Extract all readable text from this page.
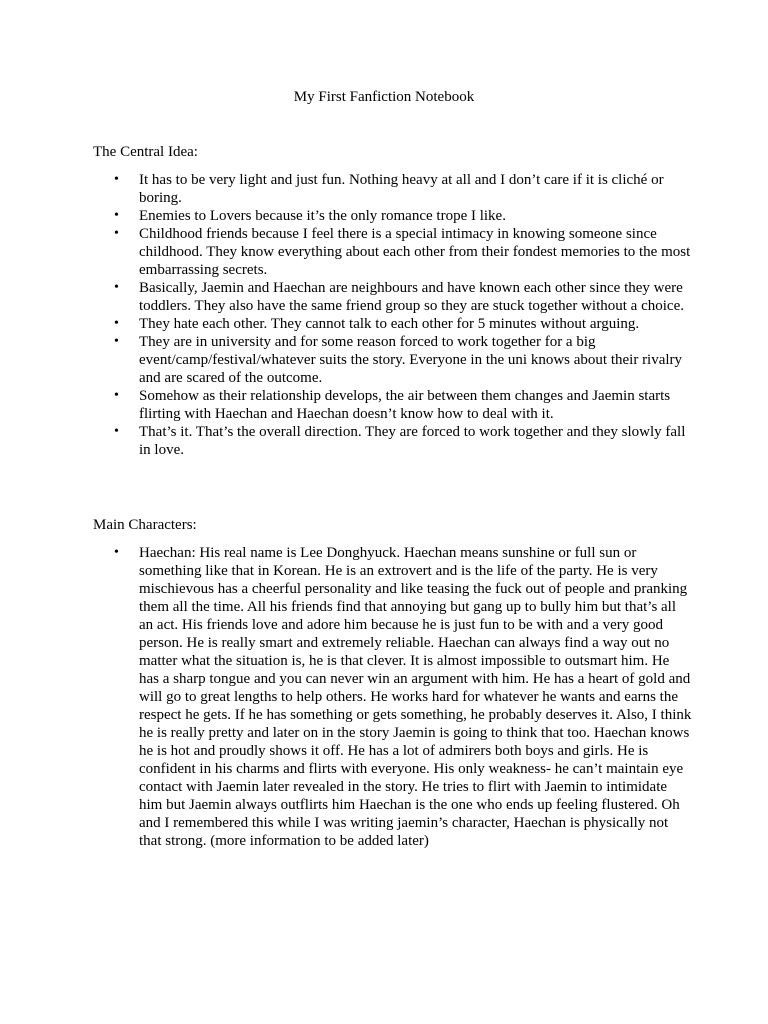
My First Fanfiction Notebook
The Central Idea:
•	It has to be very light and just fun. Nothing heavy at all and I don’t care if it is cliché or boring.
•	Enemies to Lovers because it’s the only romance trope I like.
•	Childhood friends because I feel there is a special intimacy in knowing someone since childhood. They know everything about each other from their fondest memories to the most embarrassing secrets.
•	Basically, Jaemin and Haechan are neighbours and have known each other since they were toddlers. They also have the same friend group so they are stuck together without a choice.
•	They hate each other. They cannot talk to each other for 5 minutes without arguing.
•	They are in university and for some reason forced to work together for a big event/camp/festival/whatever suits the story. Everyone in the uni knows about their rivalry and are scared of the outcome.
•	Somehow as their relationship develops, the air between them changes and Jaemin starts flirting with Haechan and Haechan doesn’t know how to deal with it.
•	That’s it. That’s the overall direction. They are forced to work together and they slowly fall in love.
Main Characters:
•	Haechan: His real name is Lee Donghyuck. Haechan means sunshine or full sun or something like that in Korean. He is an extrovert and is the life of the party. He is very mischievous has a cheerful personality and like teasing the fuck out of people and pranking them all the time. All his friends find that annoying but gang up to bully him but that’s all an act. His friends love and adore him because he is just fun to be with and a very good person. He is really smart and extremely reliable. Haechan can always find a way out no matter what the situation is, he is that clever. It is almost impossible to outsmart him. He has a sharp tongue and you can never win an argument with him. He has a heart of gold and will go to great lengths to help others. He works hard for whatever he wants and earns the respect he gets. If he has something or gets something, he probably deserves it. Also, I think he is really pretty and later on in the story Jaemin is going to think that too. Haechan knows he is hot and proudly shows it off. He has a lot of admirers both boys and girls. He is confident in his charms and flirts with everyone. His only weakness- he can’t maintain eye contact with Jaemin later revealed in the story. He tries to flirt with Jaemin to intimidate him but Jaemin always outflirts him Haechan is the one who ends up feeling flustered. Oh and I remembered this while I was writing jaemin’s character, Haechan is physically not that strong. (more information to be added later)
